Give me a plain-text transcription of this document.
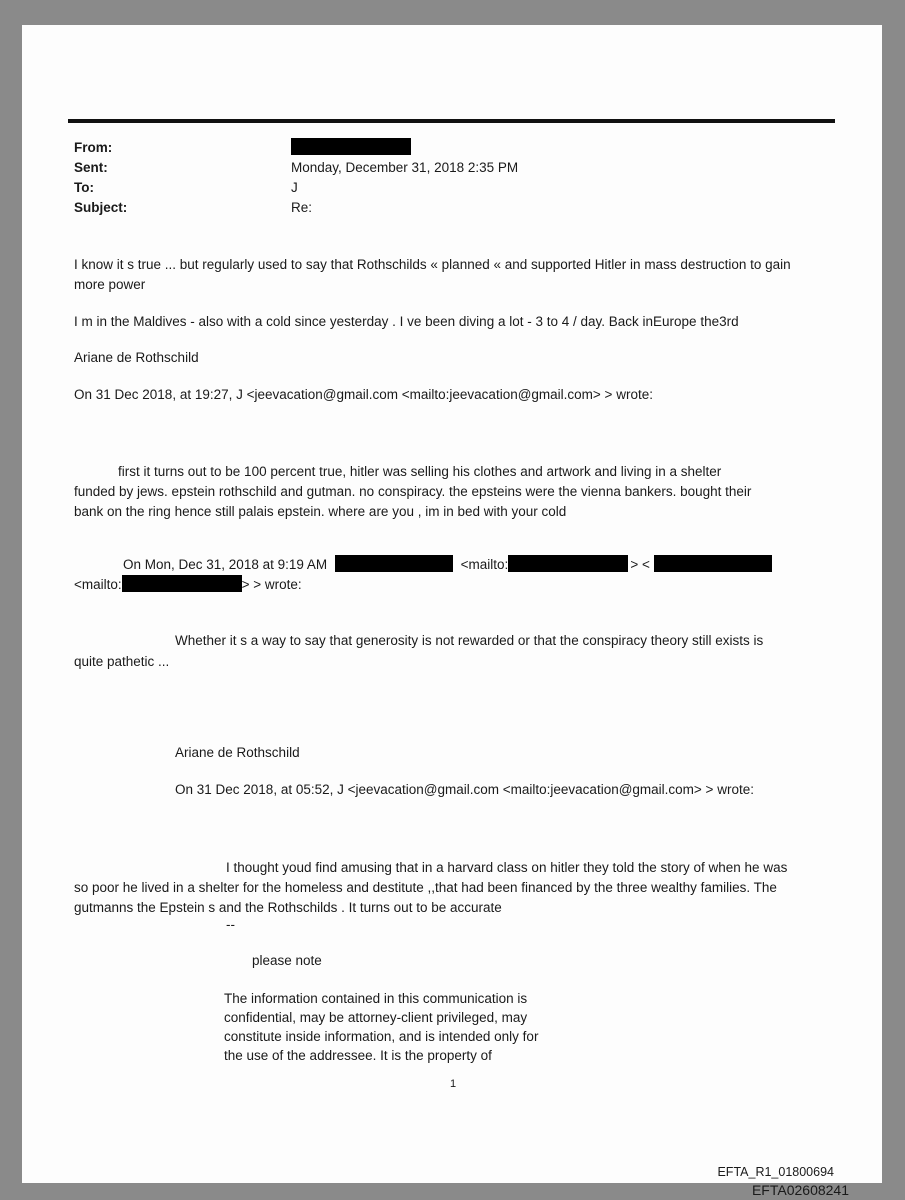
From:
Sent:	Monday, December 31, 2018 2:35 PM
To:	J
Subject:	Re:
I know it s true ... but regularly used to say that Rothschilds « planned « and supported Hitler in mass destruction to gain
more power
I m in the Maldives - also with a cold since yesterday . I ve been diving a lot - 3 to 4 / day. Back inEurope the3rd
Ariane de Rothschild
On 31 Dec 2018, at 19:27, J <jeevacation@gmail.com <mailto:jeevacation@gmail.com> > wrote:
first it turns out to be 100 percent true, hitler was selling his clothes and artwork and living in a shelter
funded by jews. epstein rothschild and gutman. no conspiracy. the epsteins were the vienna bankers. bought their
bank on the ring hence still palais epstein. where are you , im in bed with your cold
On Mon, Dec 31, 2018 at 9:19 AM	<mailto:	> <
<mailto:	> > wrote:
Whether it s a way to say that generosity is not rewarded or that the conspiracy theory still exists is
quite pathetic ...
Ariane de Rothschild
On 31 Dec 2018, at 05:52, J <jeevacation@gmail.com <mailto:jeevacation@gmail.com> > wrote:
I thought youd find amusing that in a harvard class on hitler they told the story of when he was
so poor he lived in a shelter for the homeless and destitute ,,that had been financed by the three wealthy families. The
gutmanns the Epstein s and the Rothschilds . It turns out to be accurate
--
please note
The information contained in this communication is
confidential, may be attorney-client privileged, may
constitute inside information, and is intended only for
the use of the addressee. It is the property of
1
EFTA_R1_01800694
EFTA02608241
